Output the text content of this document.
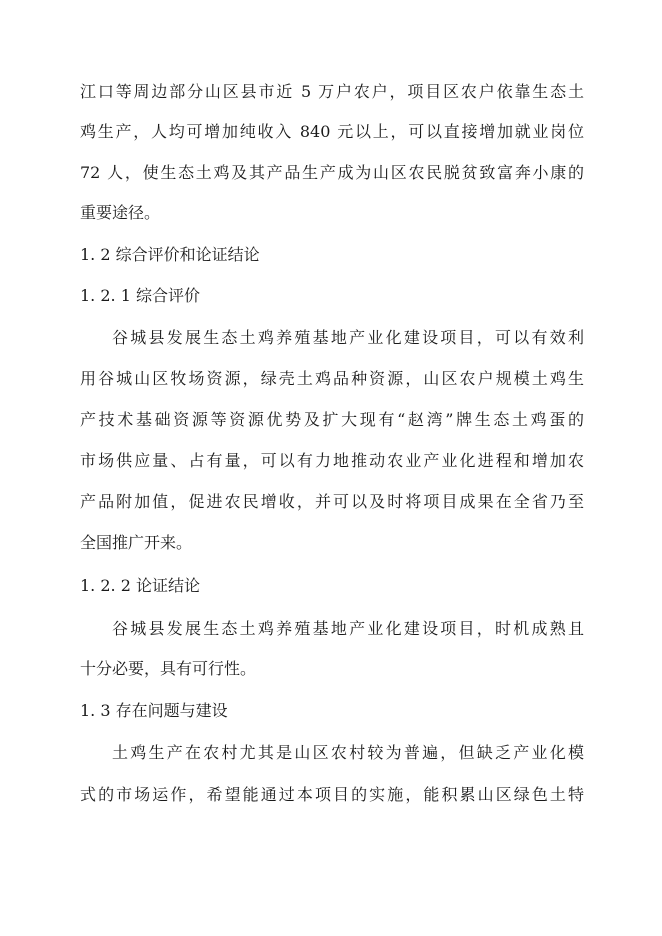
江口等周边部分山区县市近 5 万户农户，项目区农户依靠生态土
鸡生产，人均可增加纯收入 840 元以上，可以直接增加就业岗位
72 人，使生态土鸡及其产品生产成为山区农民脱贫致富奔小康的
重要途径。
1. 2 综合评价和论证结论
1. 2. 1 综合评价
谷城县发展生态土鸡养殖基地产业化建设项目，可以有效利
用谷城山区牧场资源，绿壳土鸡品种资源，山区农户规模土鸡生
产技术基础资源等资源优势及扩大现有“赵湾”牌生态土鸡蛋的
市场供应量、占有量，可以有力地推动农业产业化进程和增加农
产品附加值，促进农民增收，并可以及时将项目成果在全省乃至
全国推广开来。
1. 2. 2 论证结论
谷城县发展生态土鸡养殖基地产业化建设项目，时机成熟且
十分必要，具有可行性。
1. 3 存在问题与建设
土鸡生产在农村尤其是山区农村较为普遍，但缺乏产业化模
式的市场运作，希望能通过本项目的实施，能积累山区绿色土特
